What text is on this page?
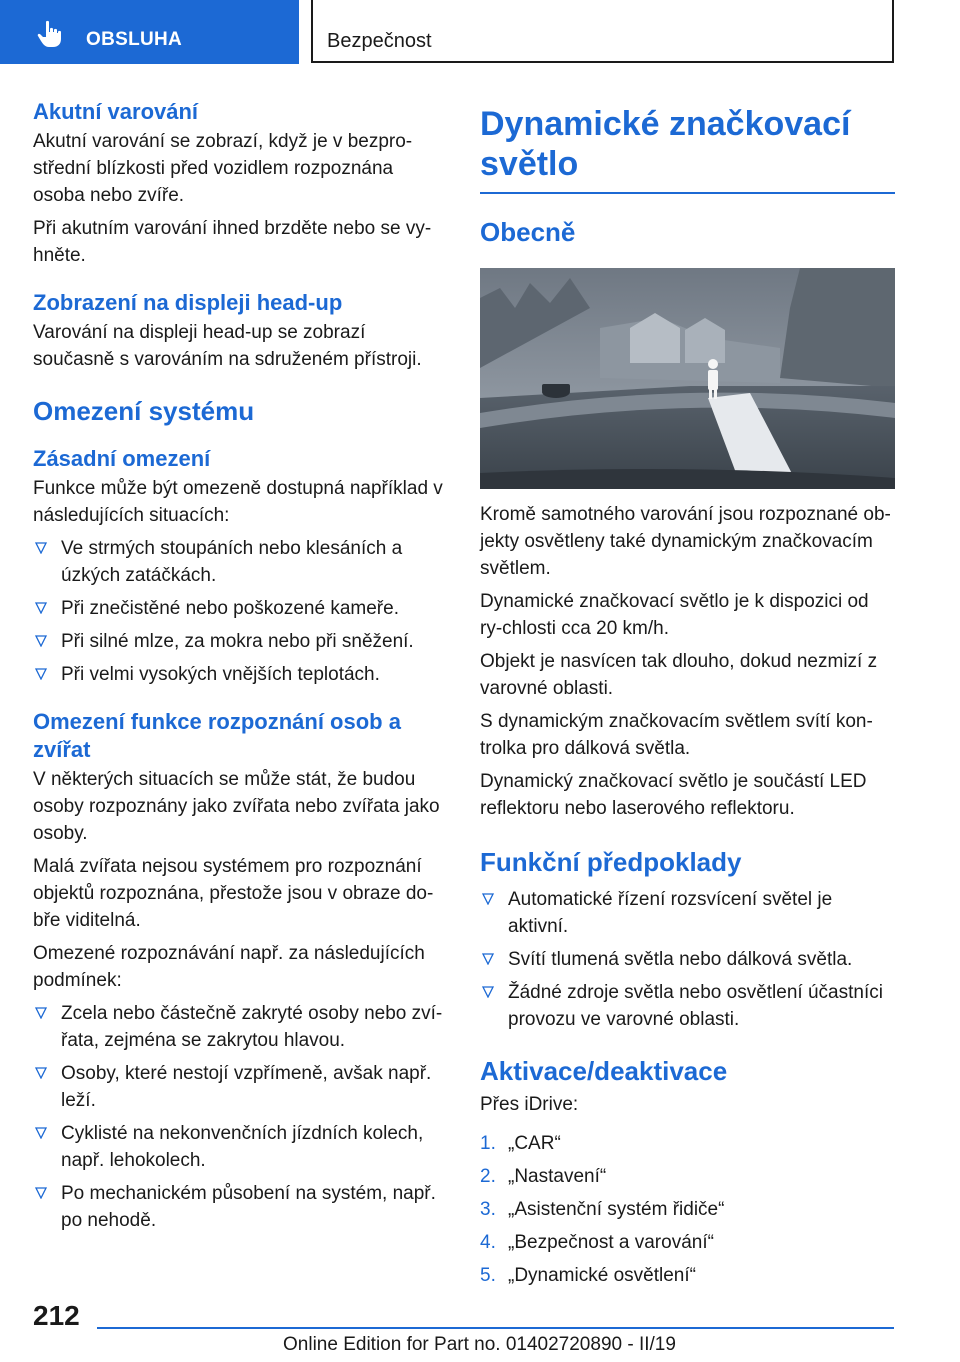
OBSLUHA	Bezpečnost
Akutní varování

Akutní varování se zobrazí, když je v bezpro‐střední blízkosti před vozidlem rozpoznána osoba nebo zvíře.

Při akutním varování ihned brzděte nebo se vy‐hněte.

Zobrazení na displeji head-up

Varování na displeji head-up se zobrazí současně s varováním na sdruženém přístroji.

Omezení systému
Zásadní omezení

Funkce může být omezeně dostupná například v následujících situacích:

Ve strmých stoupáních nebo klesáních a úzkých zatáčkách.
Při znečistěné nebo poškozené kameře.
Při silné mlze, za mokra nebo při sněžení.
Při velmi vysokých vnějších teplotách.
Omezení funkce rozpoznání osob a zvířat

V některých situacích se může stát, že budou osoby rozpoznány jako zvířata nebo zvířata jako osoby.

Malá zvířata nejsou systémem pro rozpoznání objektů rozpoznána, přestože jsou v obraze do‐bře viditelná.

Omezené rozpoznávání např. za následujících podmínek:

Zcela nebo částečně zakryté osoby nebo zví‐řata, zejména se zakrytou hlavou.
Osoby, které nestojí vzpřímeně, avšak např. leží.
Cyklisté na nekonvenčních jízdních kolech, např. lehokolech.
Po mechanickém působení na systém, např. po nehodě.
Dynamické značkovací světlo
Obecně

Kromě samotného varování jsou rozpoznané ob‐jekty osvětleny také dynamickým značkovacím světlem.

Dynamické značkovací světlo je k dispozici od ry‐chlosti cca 20 km/h.

Objekt je nasvícen tak dlouho, dokud nezmizí z varovné oblasti.

S dynamickým značkovacím světlem svítí kon‐trolka pro dálková světla.

Dynamický značkovací světlo je součástí LED reflektoru nebo laserového reflektoru.

Funkční předpoklady
Automatické řízení rozsvícení světel je aktivní.
Svítí tlumená světla nebo dálková světla.
Žádné zdroje světla nebo osvětlení účastníci provozu ve varovné oblasti.
Aktivace/deaktivace

Přes iDrive:

1. „CAR“
2. „Nastavení“
3. „Asistenční systém řidiče“
4. „Bezpečnost a varování“
5. „Dynamické osvětlení“
212
Online Edition for Part no. 01402720890 - II/19
